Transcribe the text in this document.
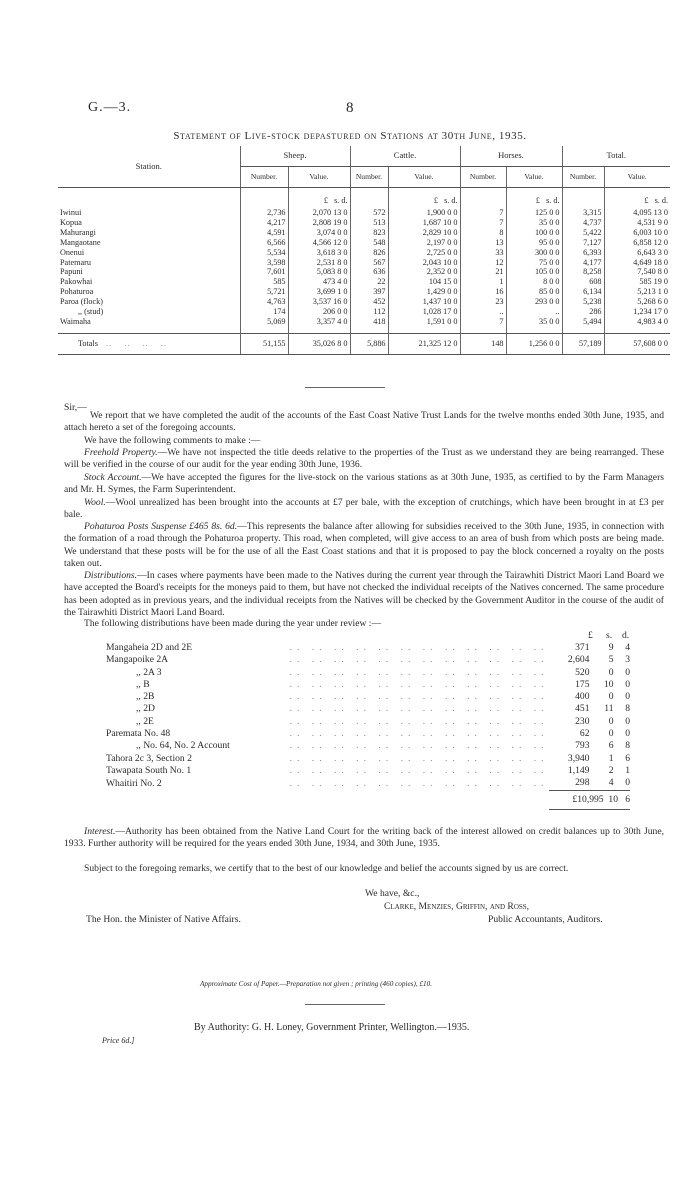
G.—3.	8
Statement of Live-stock depastured on Stations at 30th June, 1935.
Station.	Sheep.		Cattle.		Horses.		Total.	
	Number.	Value.	Number.	Value.	Number.	Value.	Number.	Value.
		£ s. d.		£ s. d.		£ s. d.		£ s. d.
Iwinui	2,736	2,070 13 0	572	1,900 0 0	7	125 0 0	3,315	4,095 13 0
Kopua	4,217	2,808 19 0	513	1,687 10 0	7	35 0 0	4,737	4,531 9 0
Mahurangi	4,591	3,074 0 0	823	2,829 10 0	8	100 0 0	5,422	6,003 10 0
Mangaotane	6,566	4,566 12 0	548	2,197 0 0	13	95 0 0	7,127	6,858 12 0
Onenui	5,534	3,618 3 0	826	2,725 0 0	33	300 0 0	6,393	6,643 3 0
Patemaru	3,598	2,531 8 0	567	2,043 10 0	12	75 0 0	4,177	4,649 18 0
Papuni	7,601	5,083 8 0	636	2,352 0 0	21	105 0 0	8,258	7,540 8 0
Pakowhai	585	473 4 0	22	104 15 0	1	8 0 0	608	585 19 0
Pohaturoa	5,721	3,699 1 0	397	1,429 0 0	16	85 0 0	6,134	5,213 1 0
Paroa (flock)	4,763	3,537 16 0	452	1,437 10 0	23	293 0 0	5,238	5,268 6 0
,, (stud)	174	206 0 0	112	1,028 17 0	..	..	286	1,234 17 0
Waimaha	5,069	3,357 4 0	418	1,591 0 0	7	35 0 0	5,494	4,983 4 0

Totals   ..    ..    ..    ..	51,155	35,026 8 0	5,886	21,325 12 0	148	1,256 0 0	57,189	57,608 0 0
Sir,—
We report that we have completed the audit of the accounts of the East Coast Native Trust Lands for the twelve months ended 30th June, 1935, and attach hereto a set of the foregoing accounts.
We have the following comments to make :—
Freehold Property.—We have not inspected the title deeds relative to the properties of the Trust as we understand they are being rearranged. These will be verified in the course of our audit for the year ending 30th June, 1936.
Stock Account.—We have accepted the figures for the live-stock on the various stations as at 30th June, 1935, as certified to by the Farm Managers and Mr. H. Symes, the Farm Superintendent.
Wool.—Wool unrealized has been brought into the accounts at £7 per bale, with the exception of crutchings, which have been brought in at £3 per bale.
Pohaturoa Posts Suspense £465 8s. 6d.—This represents the balance after allowing for subsidies received to the 30th June, 1935, in connection with the formation of a road through the Pohaturoa property. This road, when completed, will give access to an area of bush from which posts are being made. We understand that these posts will be for the use of all the East Coast stations and that it is proposed to pay the block concerned a royalty on the posts taken out.
Distributions.—In cases where payments have been made to the Natives during the current year through the Tairawhiti District Maori Land Board we have accepted the Board's receipts for the moneys paid to them, but have not checked the individual receipts of the Natives concerned. The same procedure has been adopted as in previous years, and the individual receipts from the Natives will be checked by the Government Auditor in the course of the audit of the Tairawhiti District Maori Land Board.
The following distributions have been made during the year under review :—
£ s. d.
Mangaheia 2D and 2E	.. .. .. .. .. .. .. .. .. .. .. ..	371	9	4
Mangapoike 2A	.. .. .. .. .. .. .. .. .. .. .. ..	2,604	5	3
,, 2A 3	.. .. .. .. .. .. .. .. .. .. .. ..	520	0	0
,, B	.. .. .. .. .. .. .. .. .. .. .. ..	175	10	0
,, 2B	.. .. .. .. .. .. .. .. .. .. .. ..	400	0	0
,, 2D	.. .. .. .. .. .. .. .. .. .. .. ..	451	11	8
,, 2E	.. .. .. .. .. .. .. .. .. .. .. ..	230	0	0
Paremata No. 48	.. .. .. .. .. .. .. .. .. .. .. ..	62	0	0
,, No. 64, No. 2 Account	.. .. .. .. .. .. .. .. .. .. .. ..	793	6	8
Tahora 2c 3, Section 2	.. .. .. .. .. .. .. .. .. .. .. ..	3,940	1	6
Tawapata South No. 1	.. .. .. .. .. .. .. .. .. .. .. ..	1,149	2	1
Whaitiri No. 2	.. .. .. .. .. .. .. .. .. .. .. ..	298	4	0
		£10,995 10 6		
Interest.—Authority has been obtained from the Native Land Court for the writing back of the interest allowed on credit balances up to 30th June, 1933. Further authority will be required for the years ended 30th June, 1934, and 30th June, 1935.
Subject to the foregoing remarks, we certify that to the best of our knowledge and belief the accounts signed by us are correct.
We have, &c.,
Clarke, Menzies, Griffin, and Ross,
Public Accountants, Auditors.
The Hon. the Minister of Native Affairs.
Approximate Cost of Paper.—Preparation not given ; printing (460 copies), £10.
By Authority: G. H. Loney, Government Printer, Wellington.—1935.
Price 6d.]
